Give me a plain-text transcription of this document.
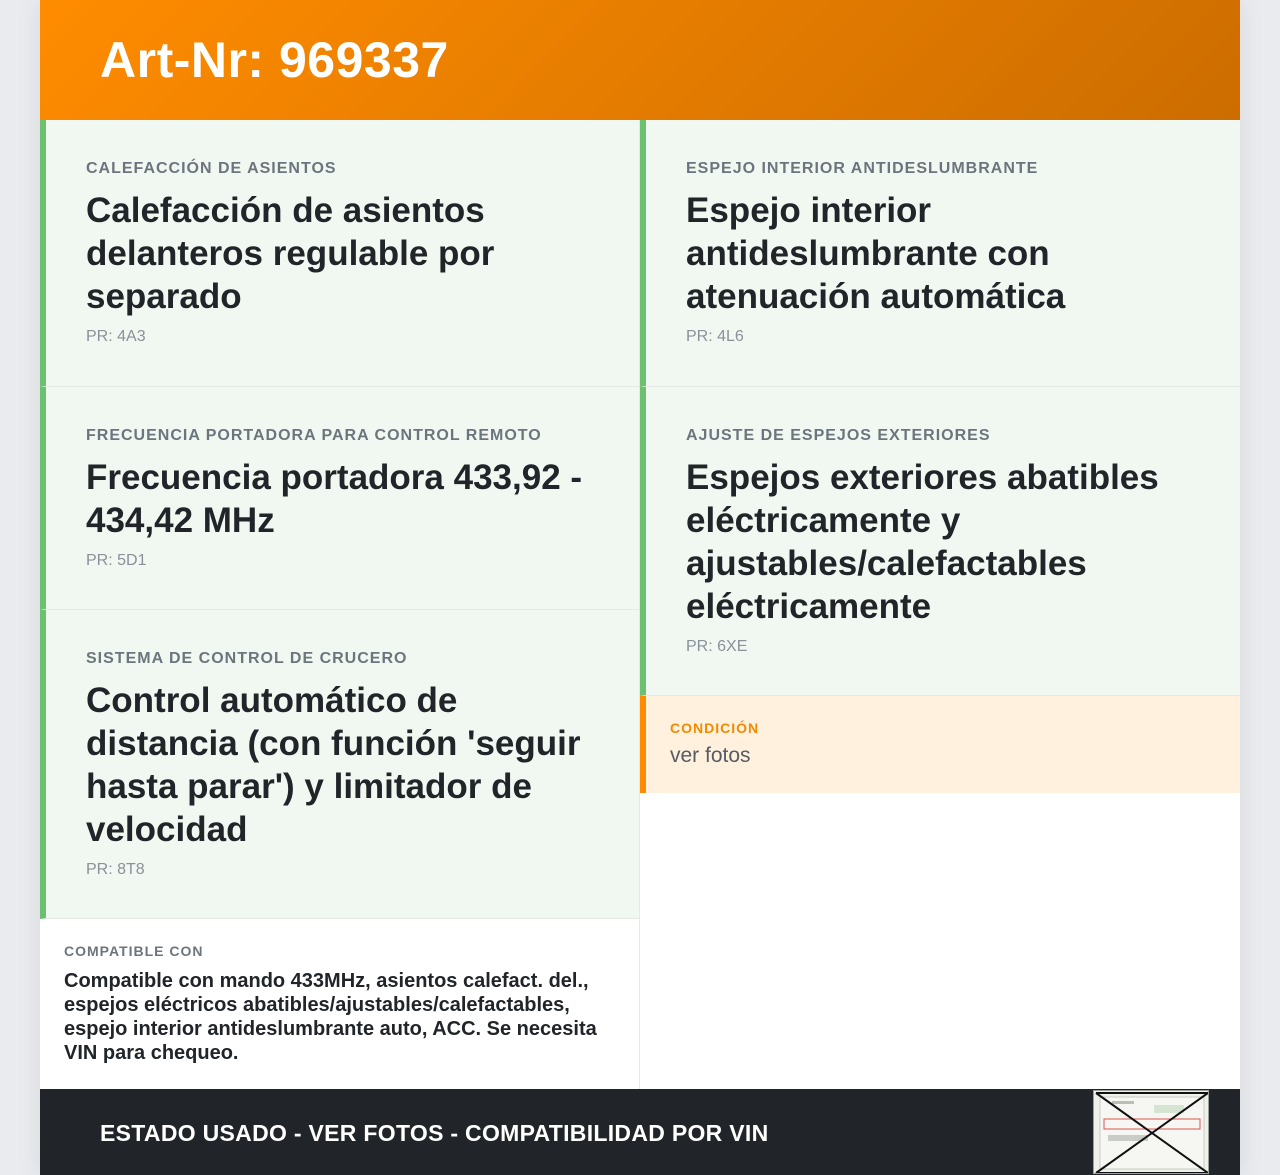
Art-Nr: 969337
CALEFACCIÓN DE ASIENTOS
Calefacción de asientos delanteros regulable por separado
PR: 4A3
FRECUENCIA PORTADORA PARA CONTROL REMOTO
Frecuencia portadora 433,92 - 434,42 MHz
PR: 5D1
SISTEMA DE CONTROL DE CRUCERO
Control automático de distancia (con función 'seguir hasta parar') y limitador de velocidad
PR: 8T8
COMPATIBLE CON
Compatible con mando 433MHz, asientos calefact. del., espejos eléctricos abatibles/ajustables/calefactables, espejo interior antideslumbrante auto, ACC. Se necesita VIN para chequeo.
ESPEJO INTERIOR ANTIDESLUMBRANTE
Espejo interior antideslumbrante con atenuación automática
PR: 4L6
AJUSTE DE ESPEJOS EXTERIORES
Espejos exteriores abatibles eléctricamente y ajustables/calefactables eléctricamente
PR: 6XE
CONDICIÓN
ver fotos
ESTADO USADO - VER FOTOS - COMPATIBILIDAD POR VIN
